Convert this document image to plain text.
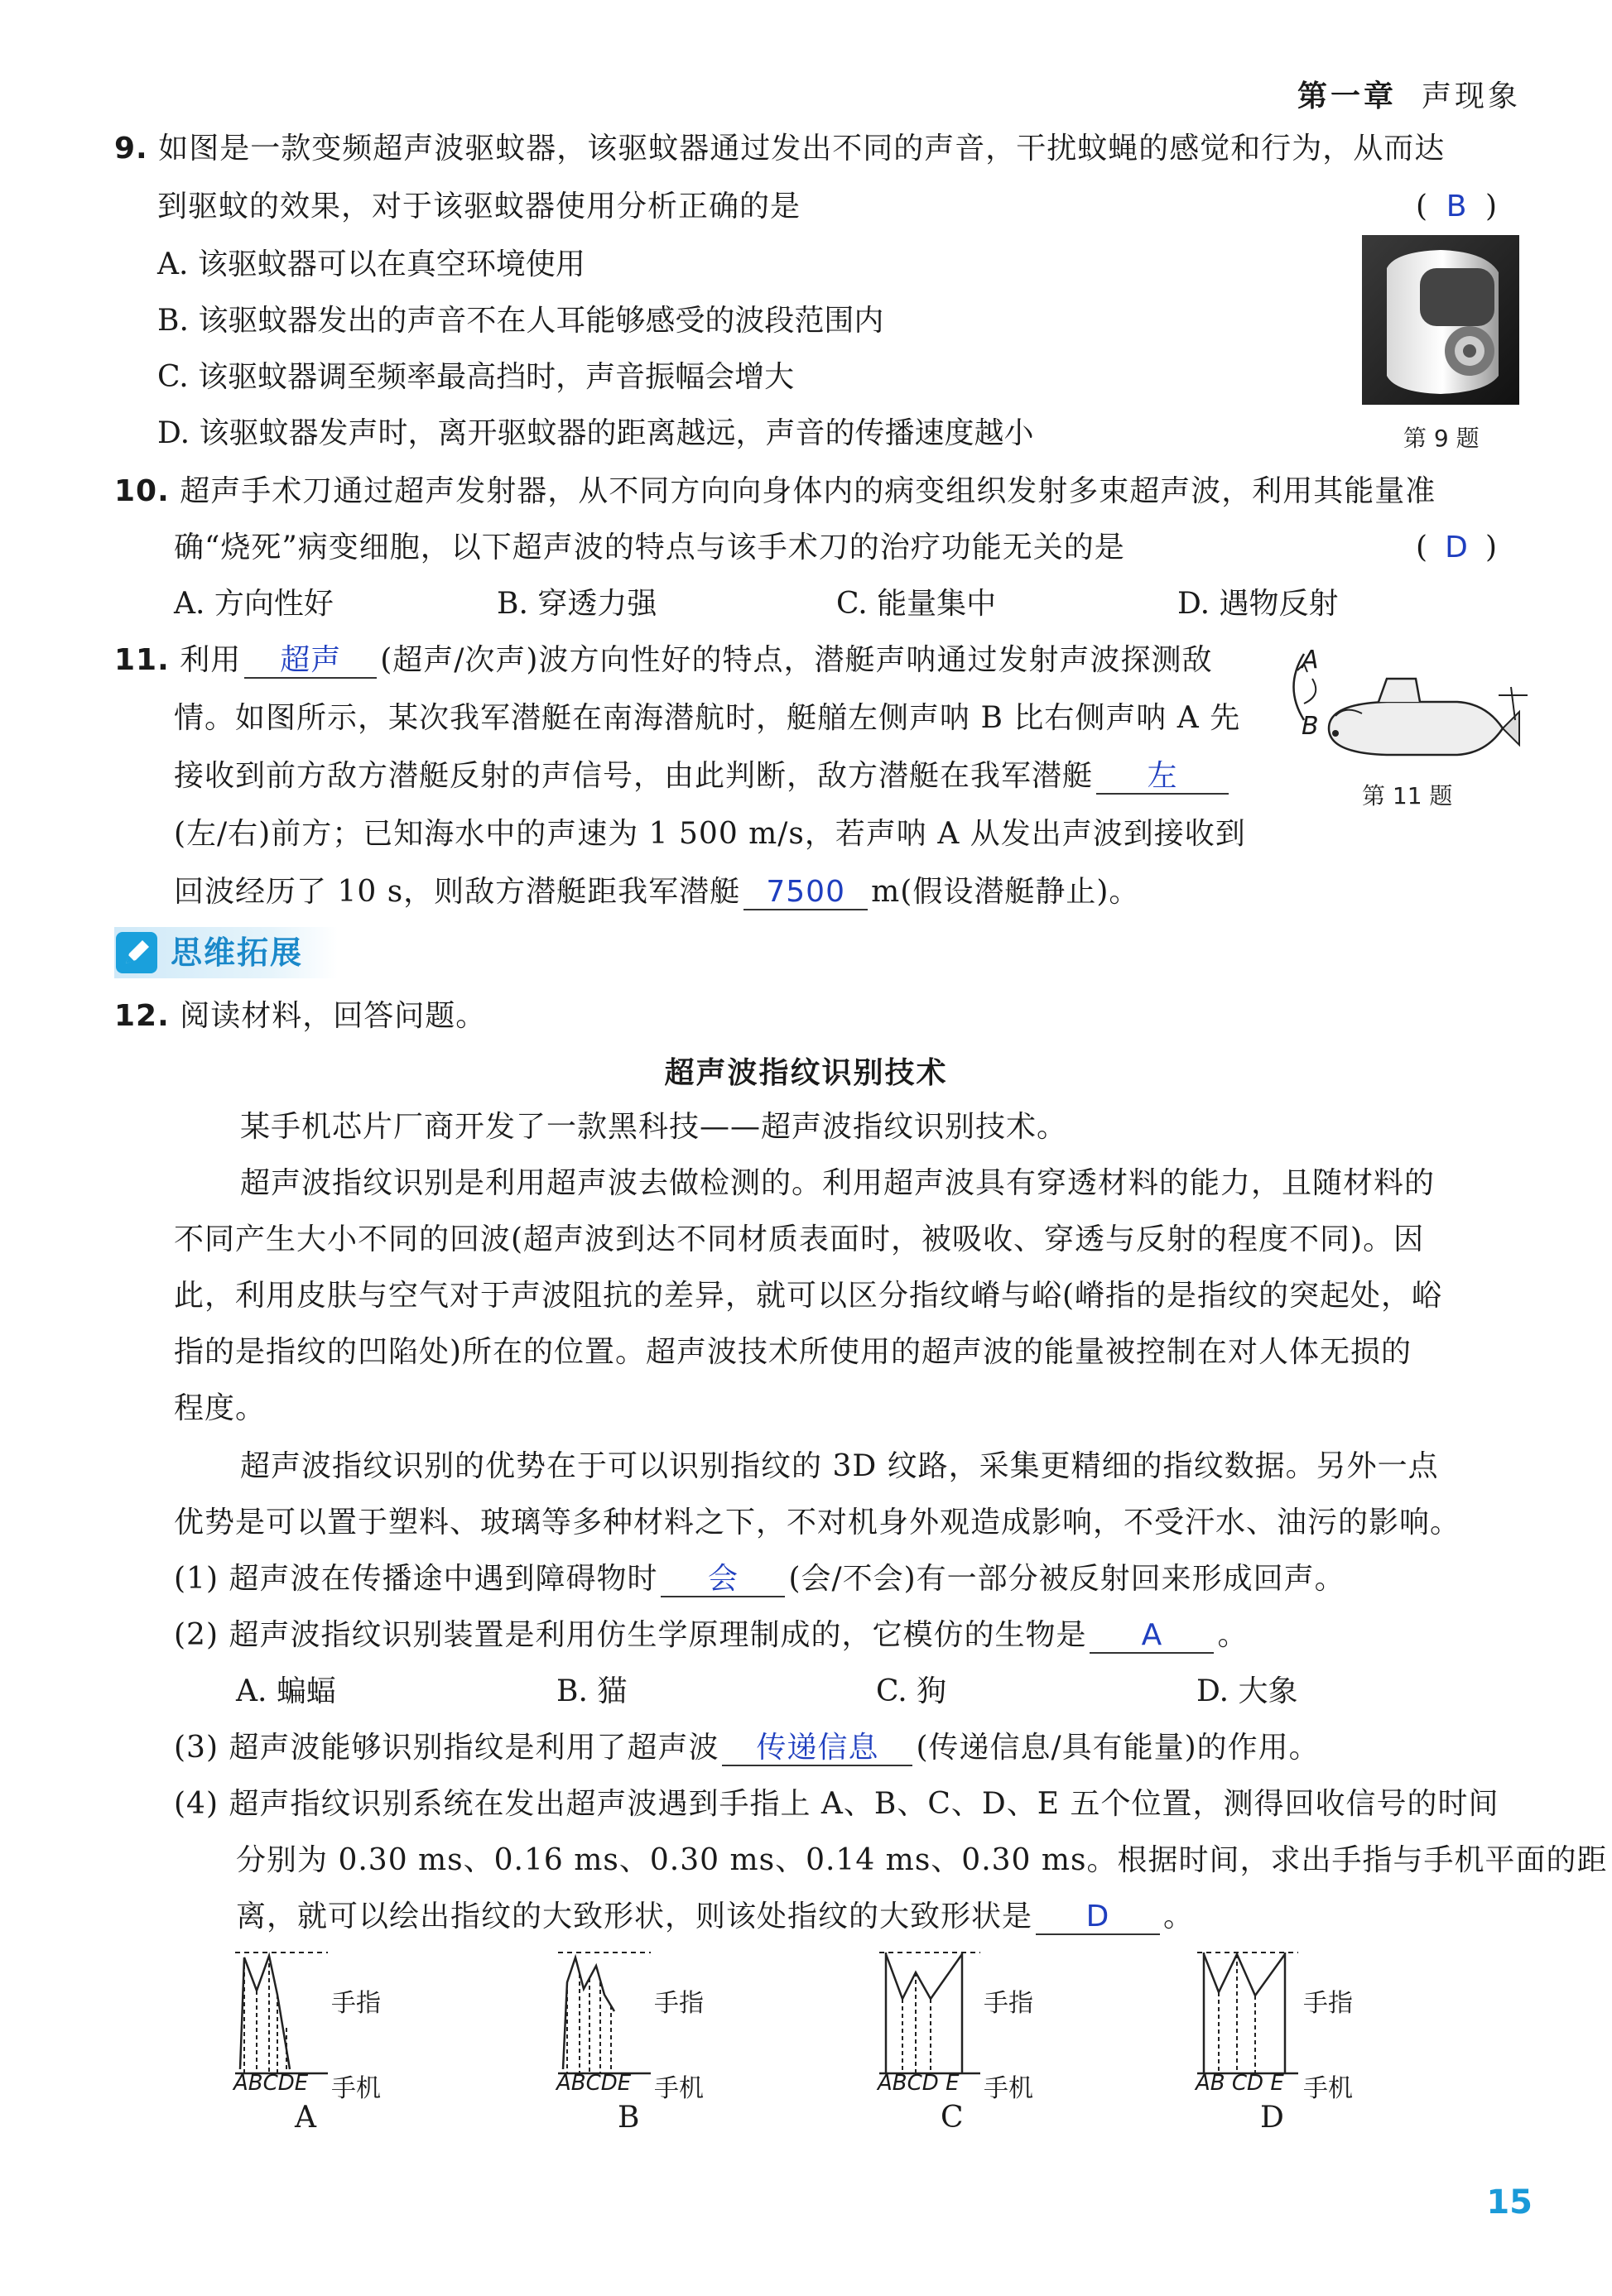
第一章 声现象
9. 如图是一款变频超声波驱蚊器，该驱蚊器通过发出不同的声音，干扰蚊蝇的感觉和行为，从而达
到驱蚊的效果，对于该驱蚊器使用分析正确的是	( B )
A. 该驱蚊器可以在真空环境使用
B. 该驱蚊器发出的声音不在人耳能够感受的波段范围内
C. 该驱蚊器调至频率最高挡时，声音振幅会增大
D. 该驱蚊器发声时，离开驱蚊器的距离越远，声音的传播速度越小	第 9 题
10. 超声手术刀通过超声发射器，从不同方向向身体内的病变组织发射多束超声波，利用其能量准
确“烧死”病变细胞，以下超声波的特点与该手术刀的治疗功能无关的是	( D )
A. 方向性好	B. 穿透力强	C. 能量集中	D. 遇物反射
11. 利用 超声 (超声/次声)波方向性好的特点，潜艇声呐通过发射声波探测敌
情。如图所示，某次我军潜艇在南海潜航时，艇艏左侧声呐 B 比右侧声呐 A 先
接收到前方敌方潜艇反射的声信号，由此判断，敌方潜艇在我军潜艇 左
(左/右)前方；已知海水中的声速为 1 500 m/s，若声呐 A 从发出声波到接收到
回波经历了 10 s，则敌方潜艇距我军潜艇 7500 m(假设潜艇静止)。
A
B
第 11 题
思维拓展
12. 阅读材料，回答问题。
超声波指纹识别技术
某手机芯片厂商开发了一款黑科技——超声波指纹识别技术。
超声波指纹识别是利用超声波去做检测的。利用超声波具有穿透材料的能力，且随材料的
不同产生大小不同的回波(超声波到达不同材质表面时，被吸收、穿透与反射的程度不同)。因
此，利用皮肤与空气对于声波阻抗的差异，就可以区分指纹嵴与峪(嵴指的是指纹的突起处，峪
指的是指纹的凹陷处)所在的位置。超声波技术所使用的超声波的能量被控制在对人体无损的
程度。
超声波指纹识别的优势在于可以识别指纹的 3D 纹路，采集更精细的指纹数据。另外一点
优势是可以置于塑料、玻璃等多种材料之下，不对机身外观造成影响，不受汗水、油污的影响。
(1) 超声波在传播途中遇到障碍物时 会 (会/不会)有一部分被反射回来形成回声。
(2) 超声波指纹识别装置是利用仿生学原理制成的，它模仿的生物是 A 。
A. 蝙蝠	B. 猫	C. 狗	D. 大象
(3) 超声波能够识别指纹是利用了超声波 传递信息 (传递信息/具有能量)的作用。
(4) 超声指纹识别系统在发出超声波遇到手指上 A、B、C、D、E 五个位置，测得回收信号的时间
分别为 0.30 ms、0.16 ms、0.30 ms、0.14 ms、0.30 ms。根据时间，求出手指与手机平面的距
离，就可以绘出指纹的大致形状，则该处指纹的大致形状是 D 。
ABCDE	ABCDE	ABCD E	AB CD E
手指	手指	手指	手指
手机	手机	手机	手机
A	B	C	D
15
